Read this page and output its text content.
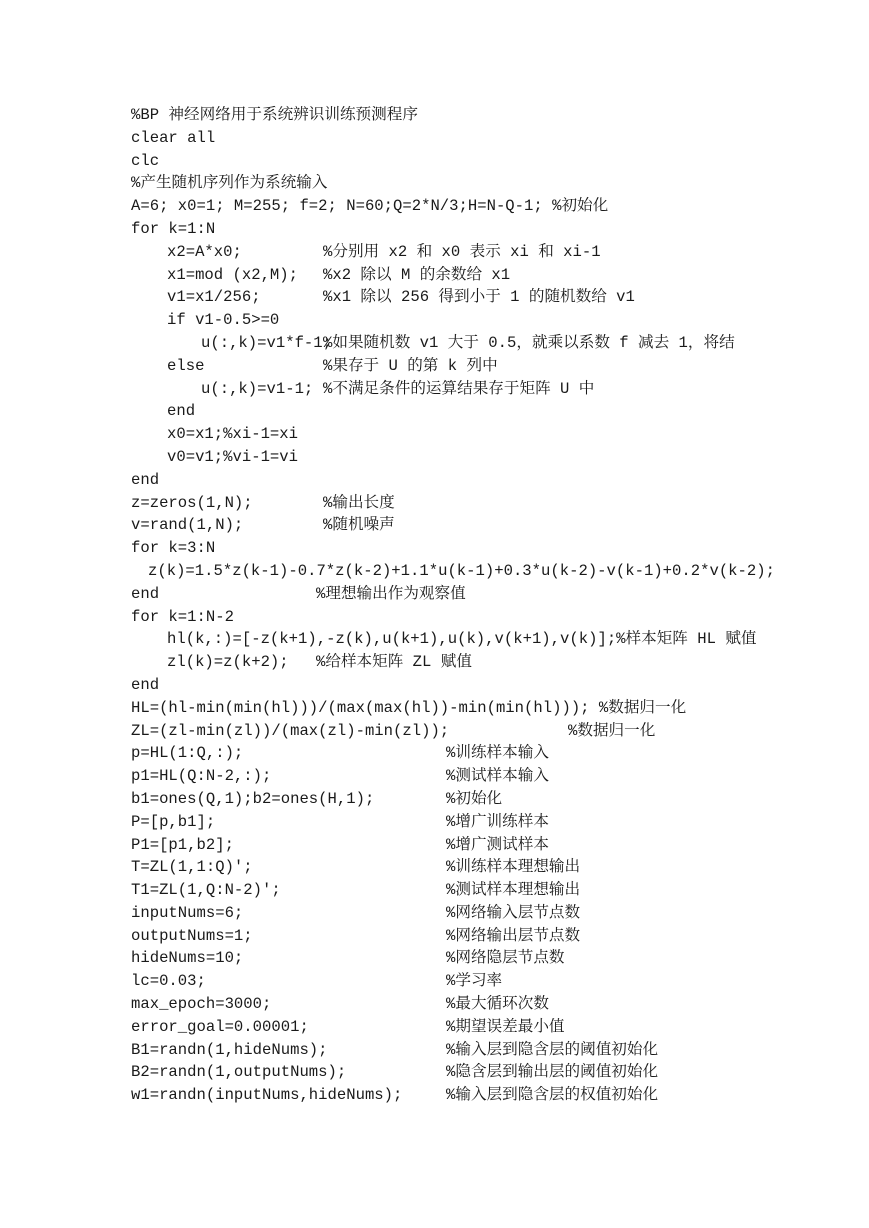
%BP 神经网络用于系统辨识训练预测程序
clear all
clc
%产生随机序列作为系统输入
A=6; x0=1; M=255; f=2; N=60;Q=2*N/3;H=N-Q-1; %初始化
for k=1:N
x2=A*x0;	%分别用 x2 和 x0 表示 xi 和 xi-1
x1=mod (x2,M); %x2 除以 M 的余数给 x1
v1=x1/256;	%x1 除以 256 得到小于 1 的随机数给 v1
if v1-0.5>=0
u(:,k)=v1*f-1;
%如果随机数 v1 大于 0.5，就乘以系数 f 减去 1，将结
else	%果存于 U 的第 k 列中
u(:,k)=v1-1; %不满足条件的运算结果存于矩阵 U 中
end
x0=x1;%xi-1=xi
v0=v1;%vi-1=vi
end
z=zeros(1,N);	%输出长度
v=rand(1,N);	%随机噪声
for k=3:N
z(k)=1.5*z(k-1)-0.7*z(k-2)+1.1*u(k-1)+0.3*u(k-2)-v(k-1)+0.2*v(k-2);
end	%理想输出作为观察值
for k=1:N-2
hl(k,:)=[-z(k+1),-z(k),u(k+1),u(k),v(k+1),v(k)];%样本矩阵 HL 赋值
zl(k)=z(k+2); %给样本矩阵 ZL 赋值
end
HL=(hl-min(min(hl)))/(max(max(hl))-min(min(hl))); %数据归一化
ZL=(zl-min(zl))/(max(zl)-min(zl));	%数据归一化
p=HL(1:Q,:);	%训练样本输入
p1=HL(Q:N-2,:);	%测试样本输入
b1=ones(Q,1);b2=ones(H,1);	%初始化
P=[p,b1];	%增广训练样本
P1=[p1,b2];	%增广测试样本
T=ZL(1,1:Q)';	%训练样本理想输出
T1=ZL(1,Q:N-2)';	%测试样本理想输出
inputNums=6;	%网络输入层节点数
outputNums=1;	%网络输出层节点数
hideNums=10;	%网络隐层节点数
lc=0.03;	%学习率
max_epoch=3000;	%最大循环次数
error_goal=0.00001;	%期望误差最小值
B1=randn(1,hideNums);	%输入层到隐含层的阈值初始化
B2=randn(1,outputNums);	%隐含层到输出层的阈值初始化
w1=randn(inputNums,hideNums);	%输入层到隐含层的权值初始化
